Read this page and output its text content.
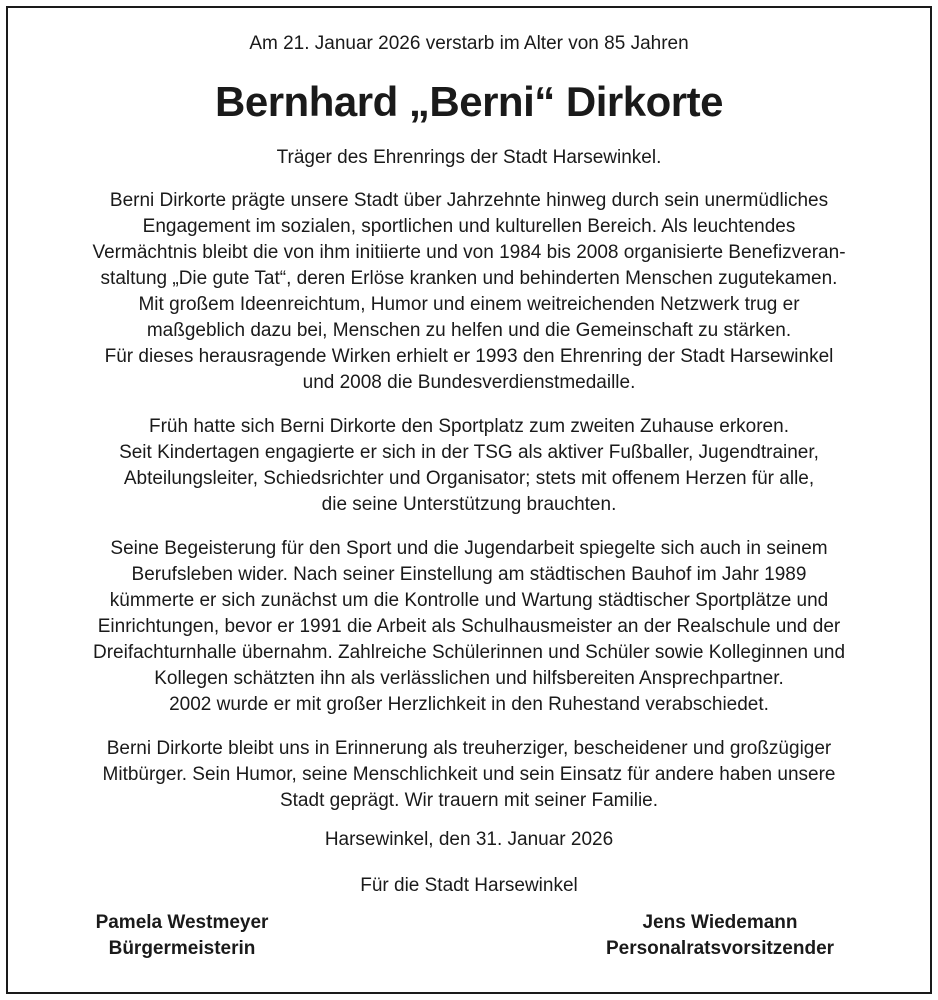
Am 21. Januar 2026 verstarb im Alter von 85 Jahren
Bernhard „Berni“ Dirkorte
Träger des Ehrenrings der Stadt Harsewinkel.
Berni Dirkorte prägte unsere Stadt über Jahrzehnte hinweg durch sein unermüdliches
Engagement im sozialen, sportlichen und kulturellen Bereich. Als leuchtendes
Vermächtnis bleibt die von ihm initiierte und von 1984 bis 2008 organisierte Benefizveran-
staltung „Die gute Tat“, deren Erlöse kranken und behinderten Menschen zugutekamen.
Mit großem Ideenreichtum, Humor und einem weitreichenden Netzwerk trug er
maßgeblich dazu bei, Menschen zu helfen und die Gemeinschaft zu stärken.
Für dieses herausragende Wirken erhielt er 1993 den Ehrenring der Stadt Harsewinkel
und 2008 die Bundesverdienstmedaille.
Früh hatte sich Berni Dirkorte den Sportplatz zum zweiten Zuhause erkoren.
Seit Kindertagen engagierte er sich in der TSG als aktiver Fußballer, Jugendtrainer,
Abteilungsleiter, Schiedsrichter und Organisator; stets mit offenem Herzen für alle,
die seine Unterstützung brauchten.
Seine Begeisterung für den Sport und die Jugendarbeit spiegelte sich auch in seinem
Berufsleben wider. Nach seiner Einstellung am städtischen Bauhof im Jahr 1989
kümmerte er sich zunächst um die Kontrolle und Wartung städtischer Sportplätze und
Einrichtungen, bevor er 1991 die Arbeit als Schulhausmeister an der Realschule und der
Dreifachturnhalle übernahm. Zahlreiche Schülerinnen und Schüler sowie Kolleginnen und
Kollegen schätzten ihn als verlässlichen und hilfsbereiten Ansprechpartner.
2002 wurde er mit großer Herzlichkeit in den Ruhestand verabschiedet.
Berni Dirkorte bleibt uns in Erinnerung als treuherziger, bescheidener und großzügiger
Mitbürger. Sein Humor, seine Menschlichkeit und sein Einsatz für andere haben unsere
Stadt geprägt. Wir trauern mit seiner Familie.
Harsewinkel, den 31. Januar 2026
Für die Stadt Harsewinkel
Pamela Westmeyer
Bürgermeisterin
Jens Wiedemann
Personalratsvorsitzender
